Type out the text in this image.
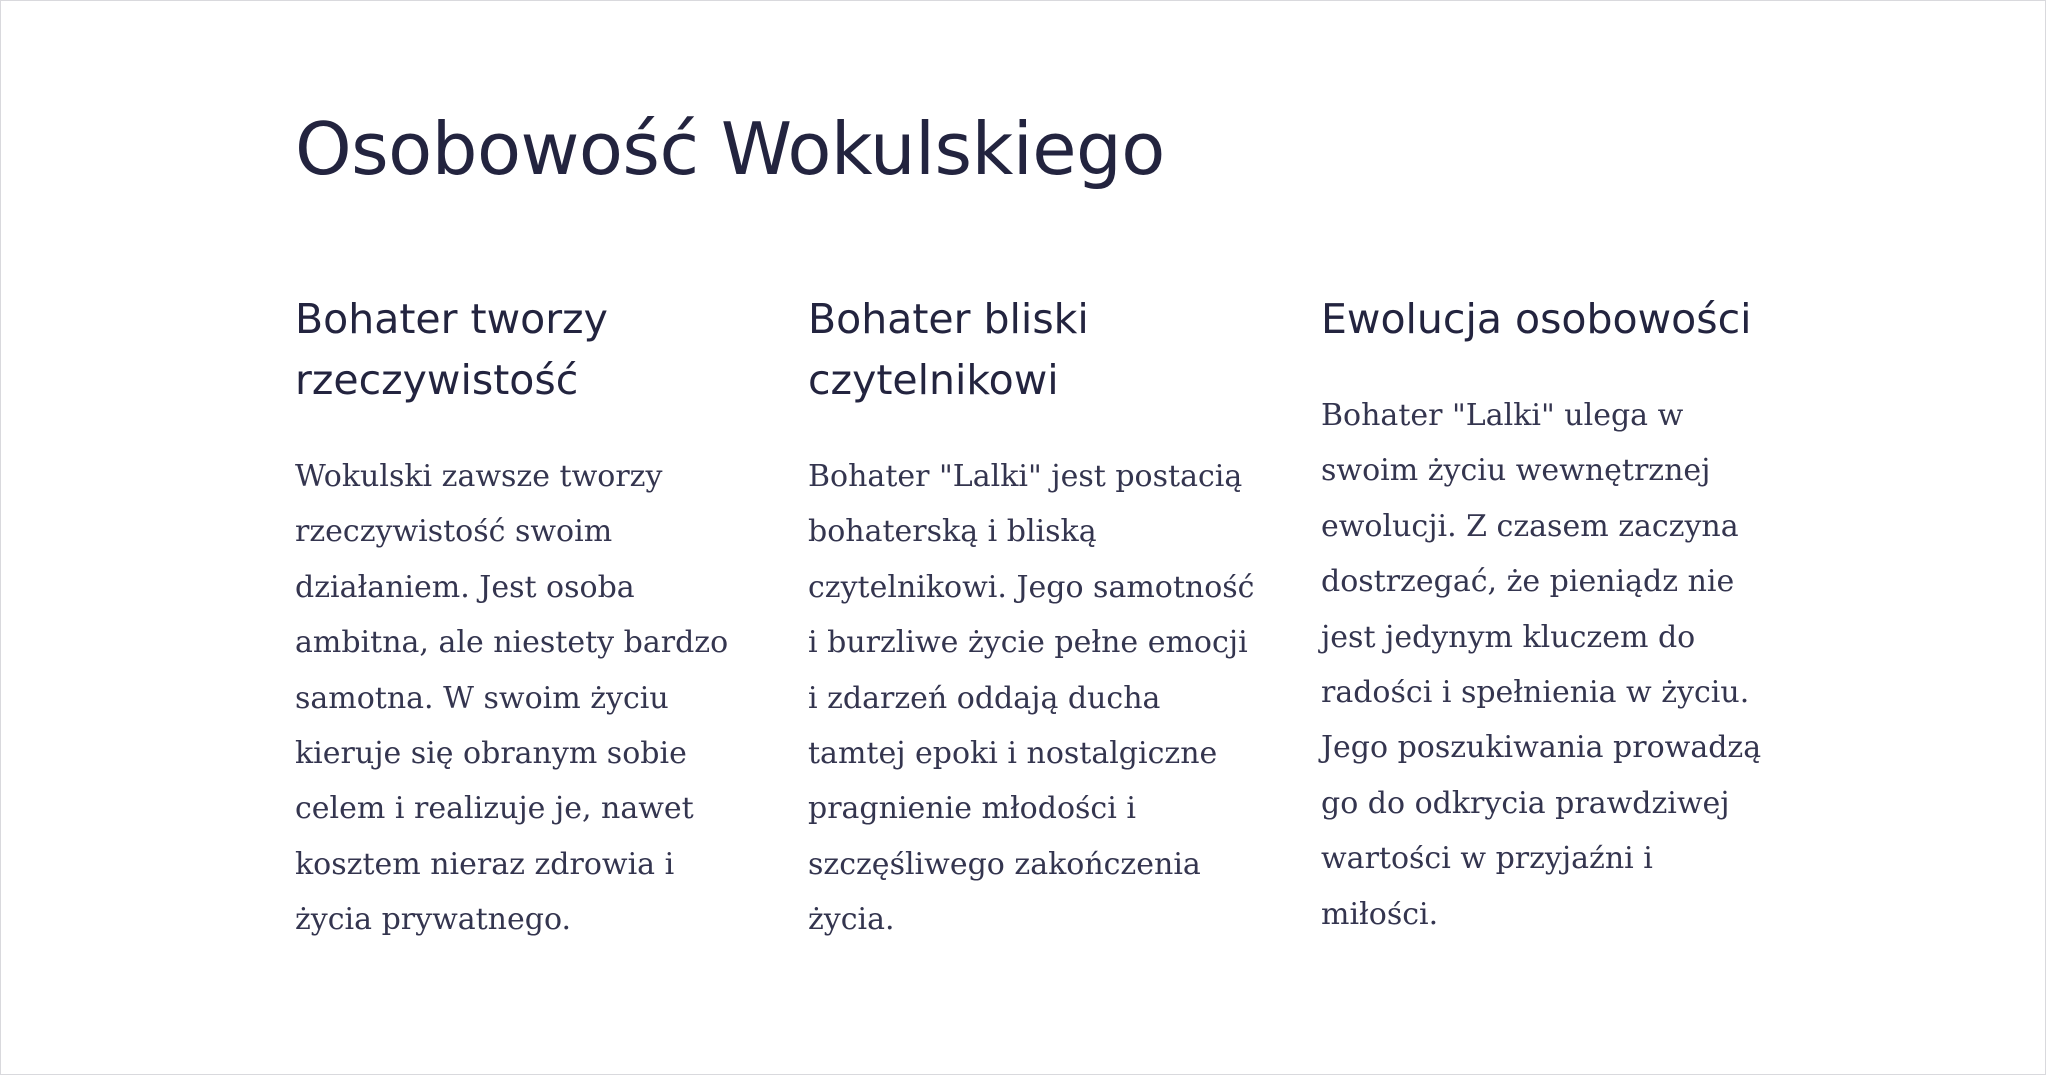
Osobowość Wokulskiego
Bohater tworzy rzeczywistość

Wokulski zawsze tworzy rzeczywistość swoim działaniem. Jest osoba ambitna, ale niestety bardzo samotna. W swoim życiu kieruje się obranym sobie celem i realizuje je, nawet kosztem nieraz zdrowia i życia prywatnego.

Bohater bliski czytelnikowi

Bohater "Lalki" jest postacią bohaterską i bliską czytelnikowi. Jego samotność i burzliwe życie pełne emocji i zdarzeń oddają ducha tamtej epoki i nostalgiczne pragnienie młodości i szczęśliwego zakończenia życia.

Ewolucja osobowości

Bohater "Lalki" ulega w swoim życiu wewnętrznej ewolucji. Z czasem zaczyna dostrzegać, że pieniądz nie jest jedynym kluczem do radości i spełnienia w życiu. Jego poszukiwania prowadzą go do odkrycia prawdziwej wartości w przyjaźni i miłości.
